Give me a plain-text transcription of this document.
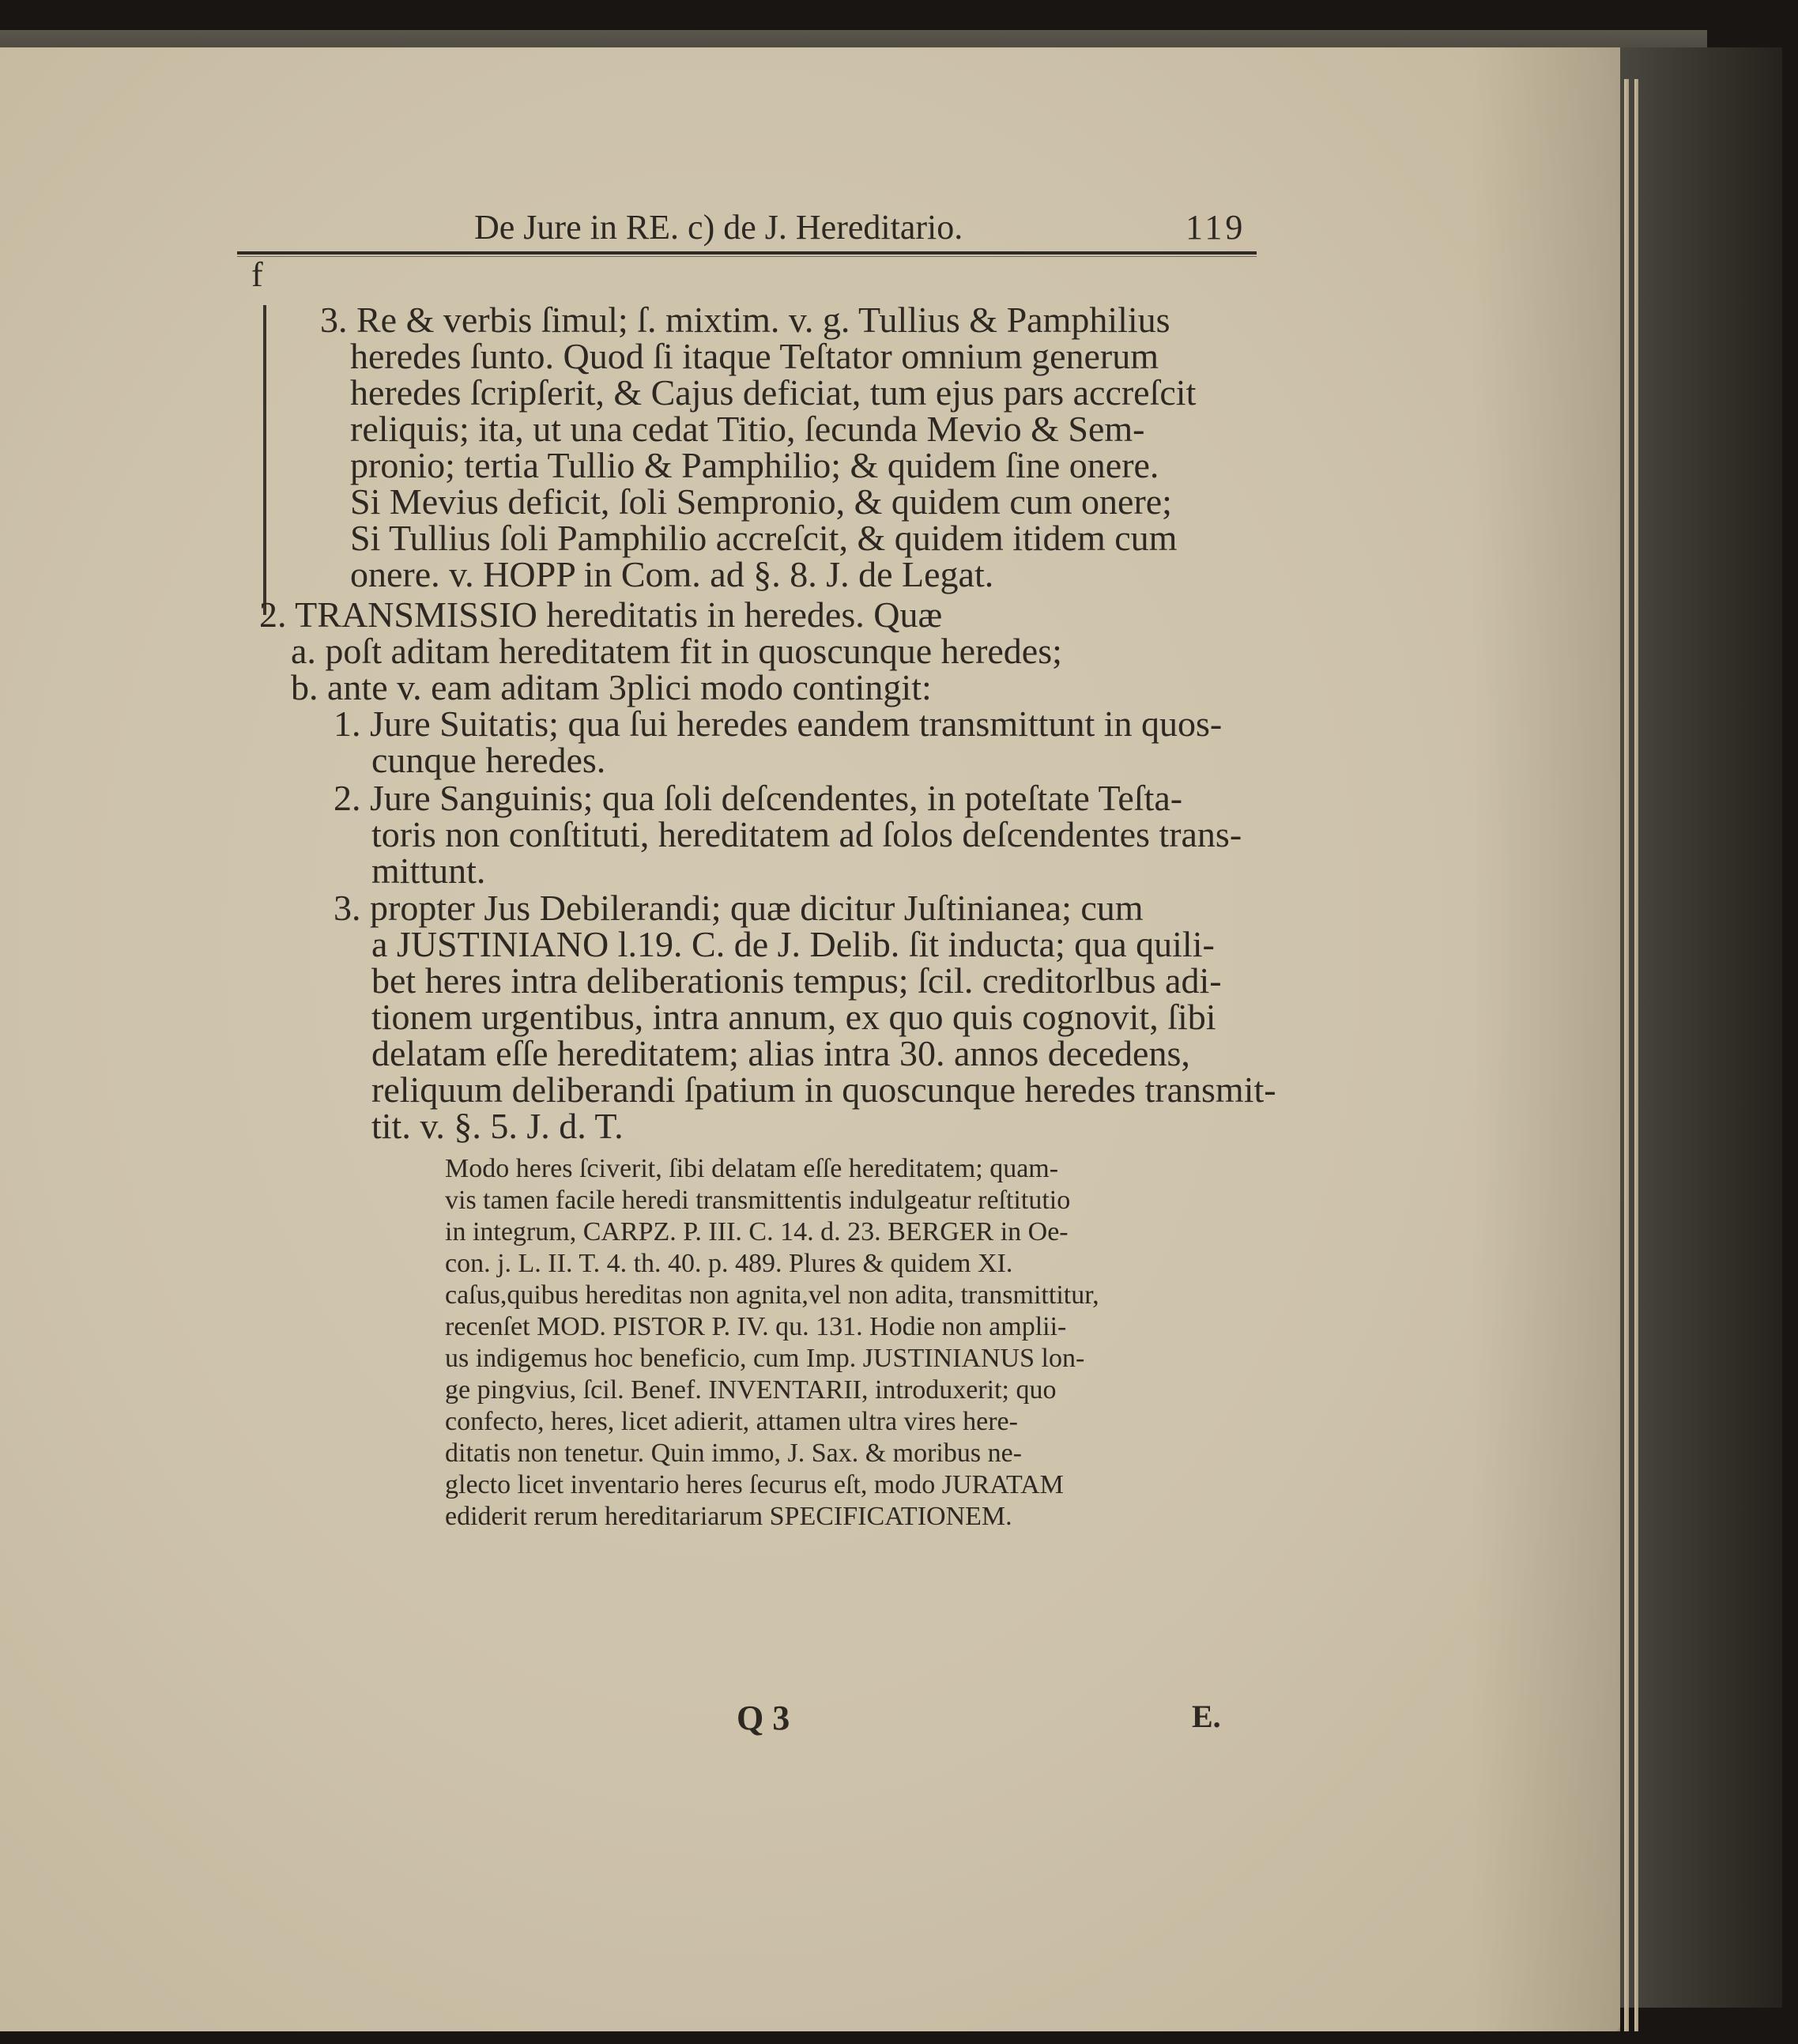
De Jure in RE. c) de J. Hereditario.	119
f
3. Re & verbis ſimul; ſ. mixtim. v. g. Tullius & Pamphilius
heredes ſunto. Quod ſi itaque Teſtator omnium generum
heredes ſcripſerit, & Cajus deficiat, tum ejus pars accreſcit
reliquis; ita, ut una cedat Titio, ſecunda Mevio & Sem-
pronio; tertia Tullio & Pamphilio; & quidem ſine onere.
Si Mevius deficit, ſoli Sempronio, & quidem cum onere;
Si Tullius ſoli Pamphilio accreſcit, & quidem itidem cum
onere. v. HOPP in Com. ad §. 8. J. de Legat.
2. TRANSMISSIO hereditatis in heredes. Quæ
a. poſt aditam hereditatem fit in quoscunque heredes;
b. ante v. eam aditam 3plici modo contingit:
1. Jure Suitatis; qua ſui heredes eandem transmittunt in quos-
cunque heredes.
2. Jure Sanguinis; qua ſoli deſcendentes, in poteſtate Teſta-
toris non conſtituti, hereditatem ad ſolos deſcendentes trans-
mittunt.
3. propter Jus Debilerandi; quæ dicitur Juſtinianea; cum
a JUSTINIANO l.19. C. de J. Delib. ſit inducta; qua quili-
bet heres intra deliberationis tempus; ſcil. creditorlbus adi-
tionem urgentibus, intra annum, ex quo quis cognovit, ſibi
delatam eſſe hereditatem; alias intra 30. annos decedens,
reliquum deliberandi ſpatium in quoscunque heredes transmit-
tit. v. §. 5. J. d. T.
Modo heres ſciverit, ſibi delatam eſſe hereditatem; quam-
vis tamen facile heredi transmittentis indulgeatur reſtitutio
in integrum, CARPZ. P. III. C. 14. d. 23. BERGER in Oe-
con. j. L. II. T. 4. th. 40. p. 489. Plures & quidem XI.
caſus,quibus hereditas non agnita,vel non adita, transmittitur,
recenſet MOD. PISTOR P. IV. qu. 131. Hodie non amplii-
us indigemus hoc beneficio, cum Imp. JUSTINIANUS lon-
ge pingvius, ſcil. Benef. INVENTARII, introduxerit; quo
confecto, heres, licet adierit, attamen ultra vires here-
ditatis non tenetur. Quin immo, J. Sax. & moribus ne-
glecto licet inventario heres ſecurus eſt, modo JURATAM
ediderit rerum hereditariarum SPECIFICATIONEM.
Q 3	E.
